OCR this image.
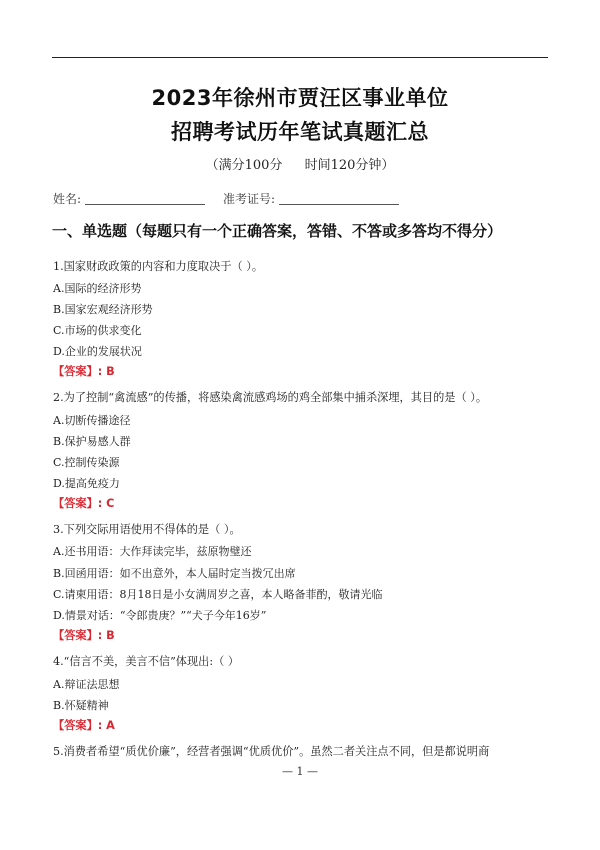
2023年徐州市贾汪区事业单位
招聘考试历年笔试真题汇总
（满分100分 时间120分钟）
姓名:	准考证号:
一、单选题（每题只有一个正确答案，答错、不答或多答均不得分）
1.国家财政政策的内容和力度取决于（ ）。
A.国际的经济形势
B.国家宏观经济形势
C.市场的供求变化
D.企业的发展状况
【答案】: B
2.为了控制“禽流感”的传播，将感染禽流感鸡场的鸡全部集中捕杀深埋，其目的是（ ）。
A.切断传播途径
B.保护易感人群
C.控制传染源
D.提高免疫力
【答案】: C
3.下列交际用语使用不得体的是（ ）。
A.还书用语：大作拜读完毕，兹原物璧还
B.回函用语：如不出意外，本人届时定当拨冗出席
C.请柬用语：8月18日是小女满周岁之喜，本人略备菲酌，敬请光临
D.情景对话：“令郎贵庚？”“犬子今年16岁”
【答案】: B
4.“信言不美，美言不信”体现出:（ ）
A.辩证法思想
B.怀疑精神
【答案】: A
5.消费者希望“质优价廉”，经营者强调“优质优价”。虽然二者关注点不同，但是都说明商
— 1 —
